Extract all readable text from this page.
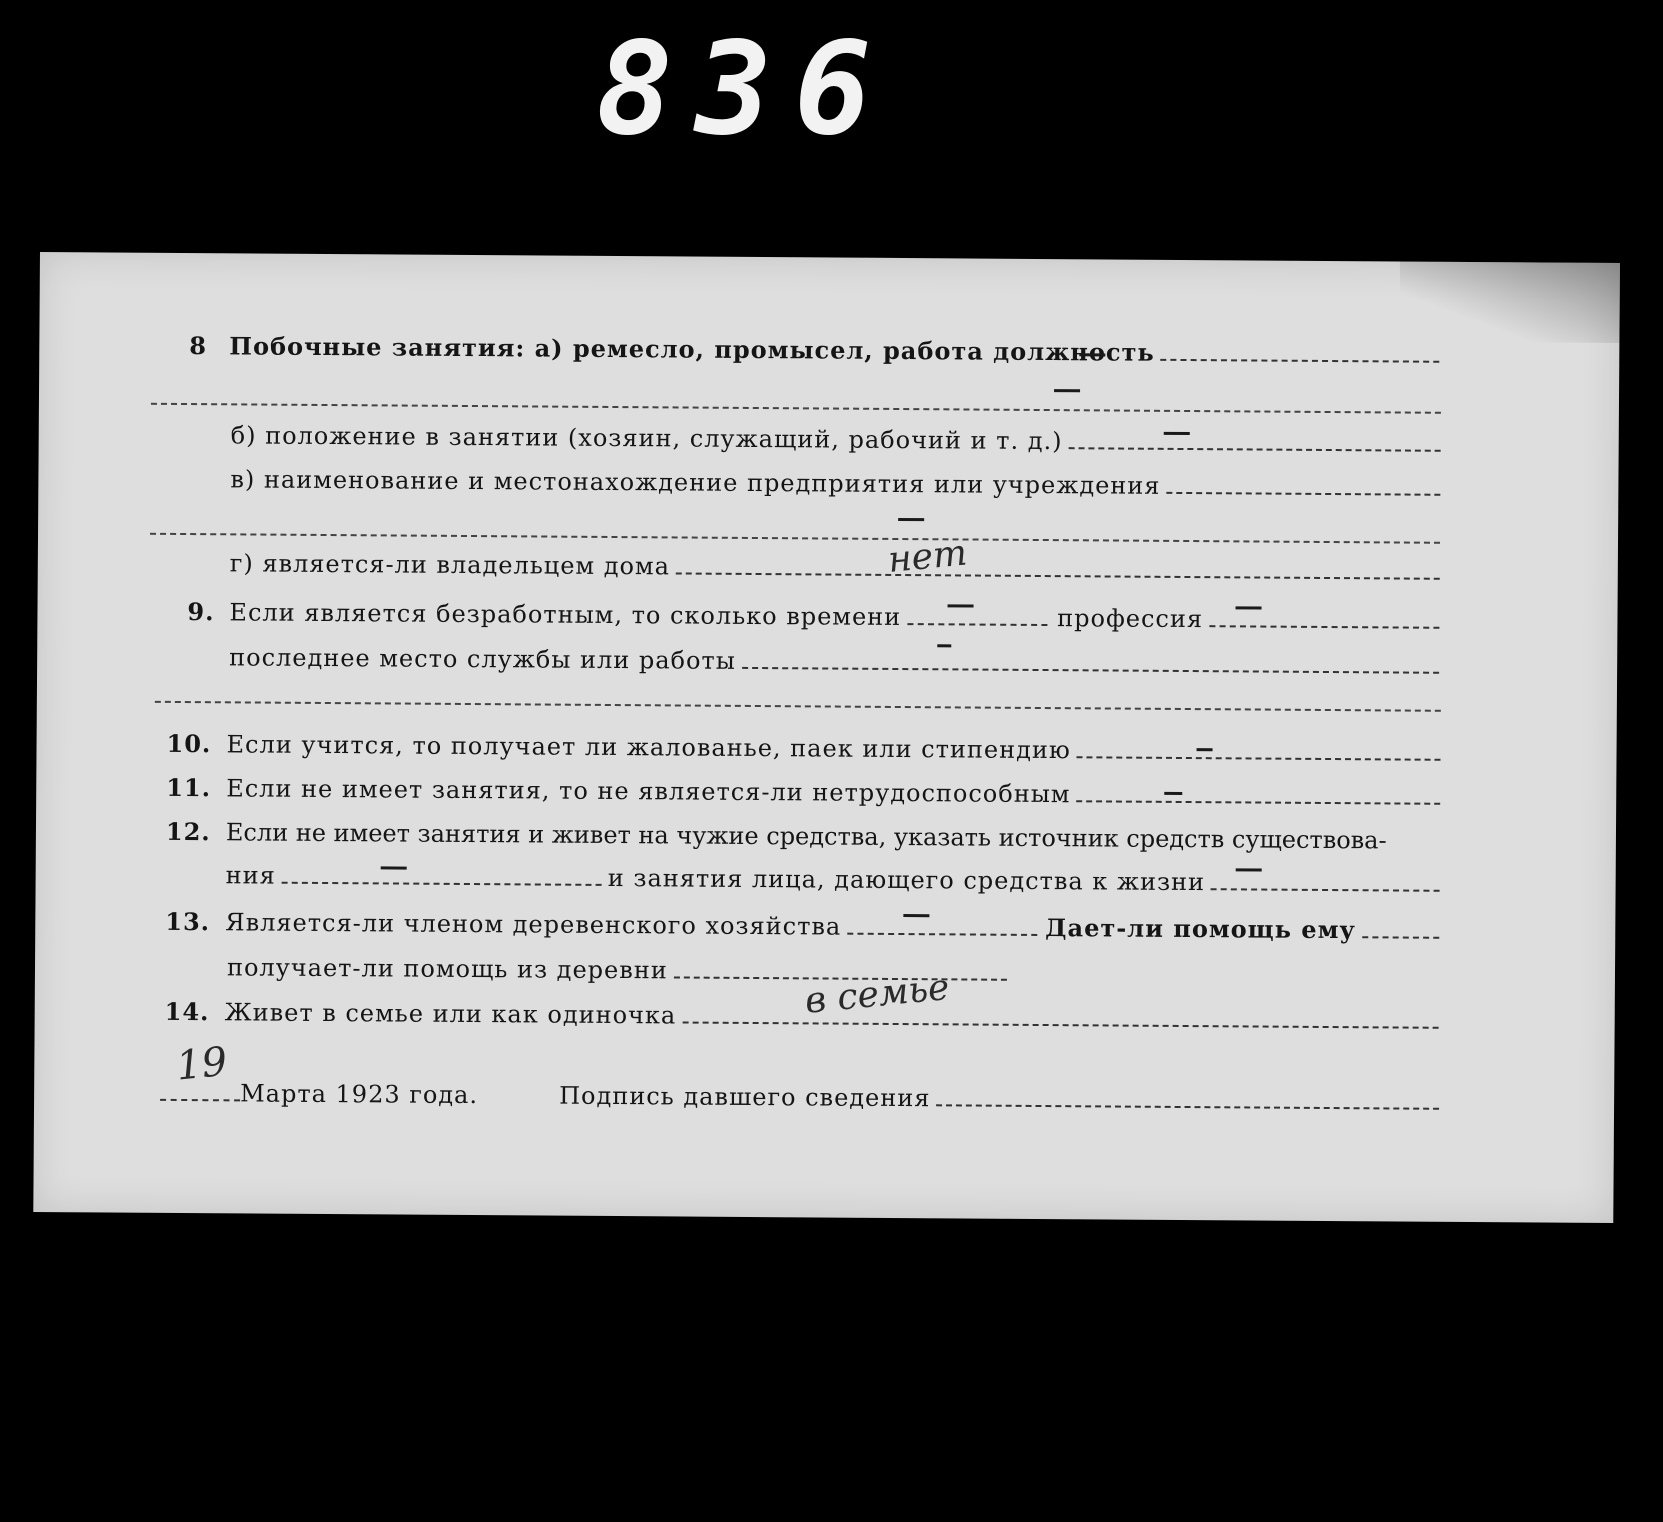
836
8 Побочные занятия: а) ремесло, промысел, работа должность
б) положение в занятии (хозяин, служащий, рабочий и т. д.)
в) наименование и местонахождение предприятия или учреждения
г) является-ли владельцем дома	нет
9. Если является безработным, то сколько времени	профессия
последнее место службы или работы
10. Если учится, то получает ли жалованье, паек или стипендию
11. Если не имеет занятия, то не является-ли нетрудоспособным
12. Если не имеет занятия и живет на чужие средства, указать источник средств существова-
ния	и занятия лица, дающего средства к жизни
13. Является-ли членом деревенского хозяйства	Дает-ли помощь ему
получает-ли помощь из деревни
14. Живет в семье или как одиночка	в семье
Марта 1923 года.
19
Подпись давшего сведения
